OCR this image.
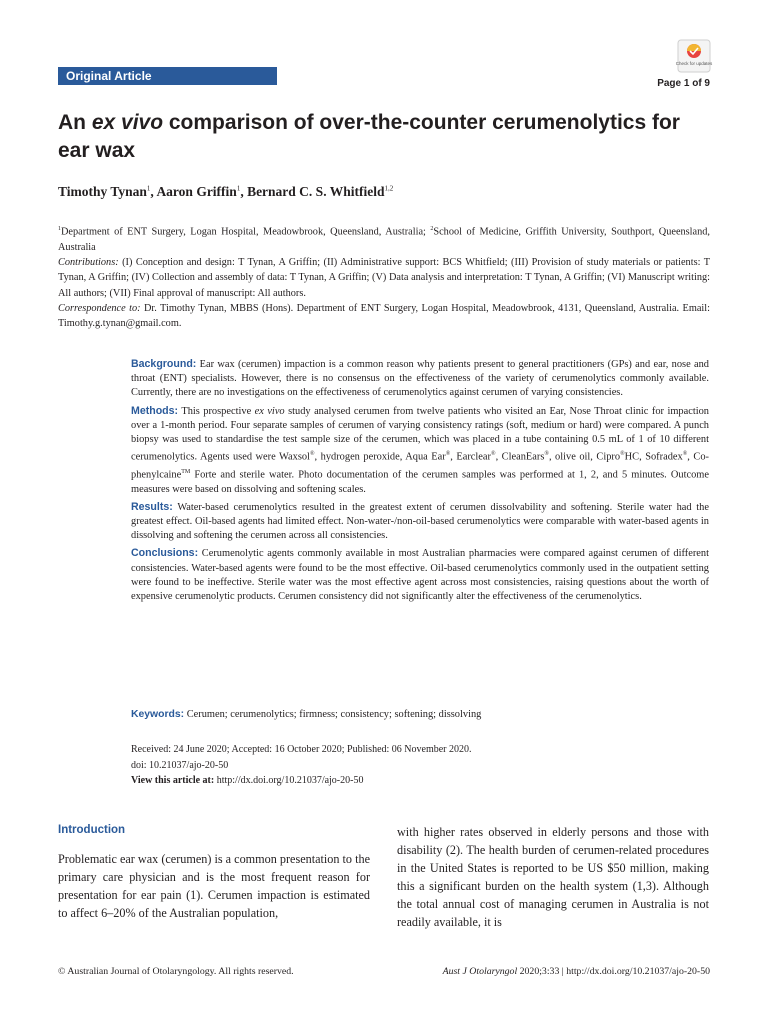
Original Article
Check for updates
Page 1 of 9
An ex vivo comparison of over-the-counter cerumenolytics for ear wax
Timothy Tynan$^1$, Aaron Griffin$^1$, Bernard C. S. Whitfield$^{1,2}$
$^1$Department of ENT Surgery, Logan Hospital, Meadowbrook, Queensland, Australia; $^2$School of Medicine, Griffith University, Southport, Queensland, Australia
Contributions: (I) Conception and design: T Tynan, A Griffin; (II) Administrative support: BCS Whitfield; (III) Provision of study materials or patients: T Tynan, A Griffin; (IV) Collection and assembly of data: T Tynan, A Griffin; (V) Data analysis and interpretation: T Tynan, A Griffin; (VI) Manuscript writing: All authors; (VII) Final approval of manuscript: All authors.
Correspondence to: Dr. Timothy Tynan, MBBS (Hons). Department of ENT Surgery, Logan Hospital, Meadowbrook, 4131, Queensland, Australia. Email: Timothy.g.tynan@gmail.com.

Background: Ear wax (cerumen) impaction is a common reason why patients present to general practitioners (GPs) and ear, nose and throat (ENT) specialists. However, there is no consensus on the effectiveness of the variety of cerumenolytics commonly available. Currently, there are no investigations on the effectiveness of cerumenolytics against cerumen of varying consistencies.

Methods: This prospective ex vivo study analysed cerumen from twelve patients who visited an Ear, Nose Throat clinic for impaction over a 1-month period. Four separate samples of cerumen of varying consistency ratings (soft, medium or hard) were compared. A punch biopsy was used to standardise the test sample size of the cerumen, which was placed in a tube containing 0.5 mL of 1 of 10 different cerumenolytics. Agents used were Waxsol®, hydrogen peroxide, Aqua Ear®, Earclear®, CleanEars®, olive oil, Cipro®HC, Sofradex®, Co-phenylcaine™ Forte and sterile water. Photo documentation of the cerumen samples was performed at 1, 2, and 5 minutes. Outcome measures were based on dissolving and softening scales.

Results: Water-based cerumenolytics resulted in the greatest extent of cerumen dissolvability and softening. Sterile water had the greatest effect. Oil-based agents had limited effect. Non-water-/non-oil-based cerumenolytics were comparable with water-based agents in dissolving and softening the cerumen across all consistencies.

Conclusions: Cerumenolytic agents commonly available in most Australian pharmacies were compared against cerumen of different consistencies. Water-based agents were found to be the most effective. Oil-based cerumenolytics commonly used in the outpatient setting were found to be ineffective. Sterile water was the most effective agent across most consistencies, raising questions about the worth of expensive cerumenolytic products. Cerumen consistency did not significantly alter the effectiveness of the cerumenolytics.

Keywords: Cerumen; cerumenolytics; firmness; consistency; softening; dissolving
Received: 24 June 2020; Accepted: 16 October 2020; Published: 06 November 2020.
doi: 10.21037/ajo-20-50
View this article at: http://dx.doi.org/10.21037/ajo-20-50
Introduction
Problematic ear wax (cerumen) is a common presentation to the primary care physician and is the most frequent reason for presentation for ear pain (1). Cerumen impaction is estimated to affect 6–20% of the Australian population,
with higher rates observed in elderly persons and those with disability (2). The health burden of cerumen-related procedures in the United States is reported to be US $50 million, making this a significant burden on the health system (1,3). Although the total annual cost of managing cerumen in Australia is not readily available, it is
© Australian Journal of Otolaryngology. All rights reserved.	Aust J Otolaryngol 2020;3:33 | http://dx.doi.org/10.21037/ajo-20-50
